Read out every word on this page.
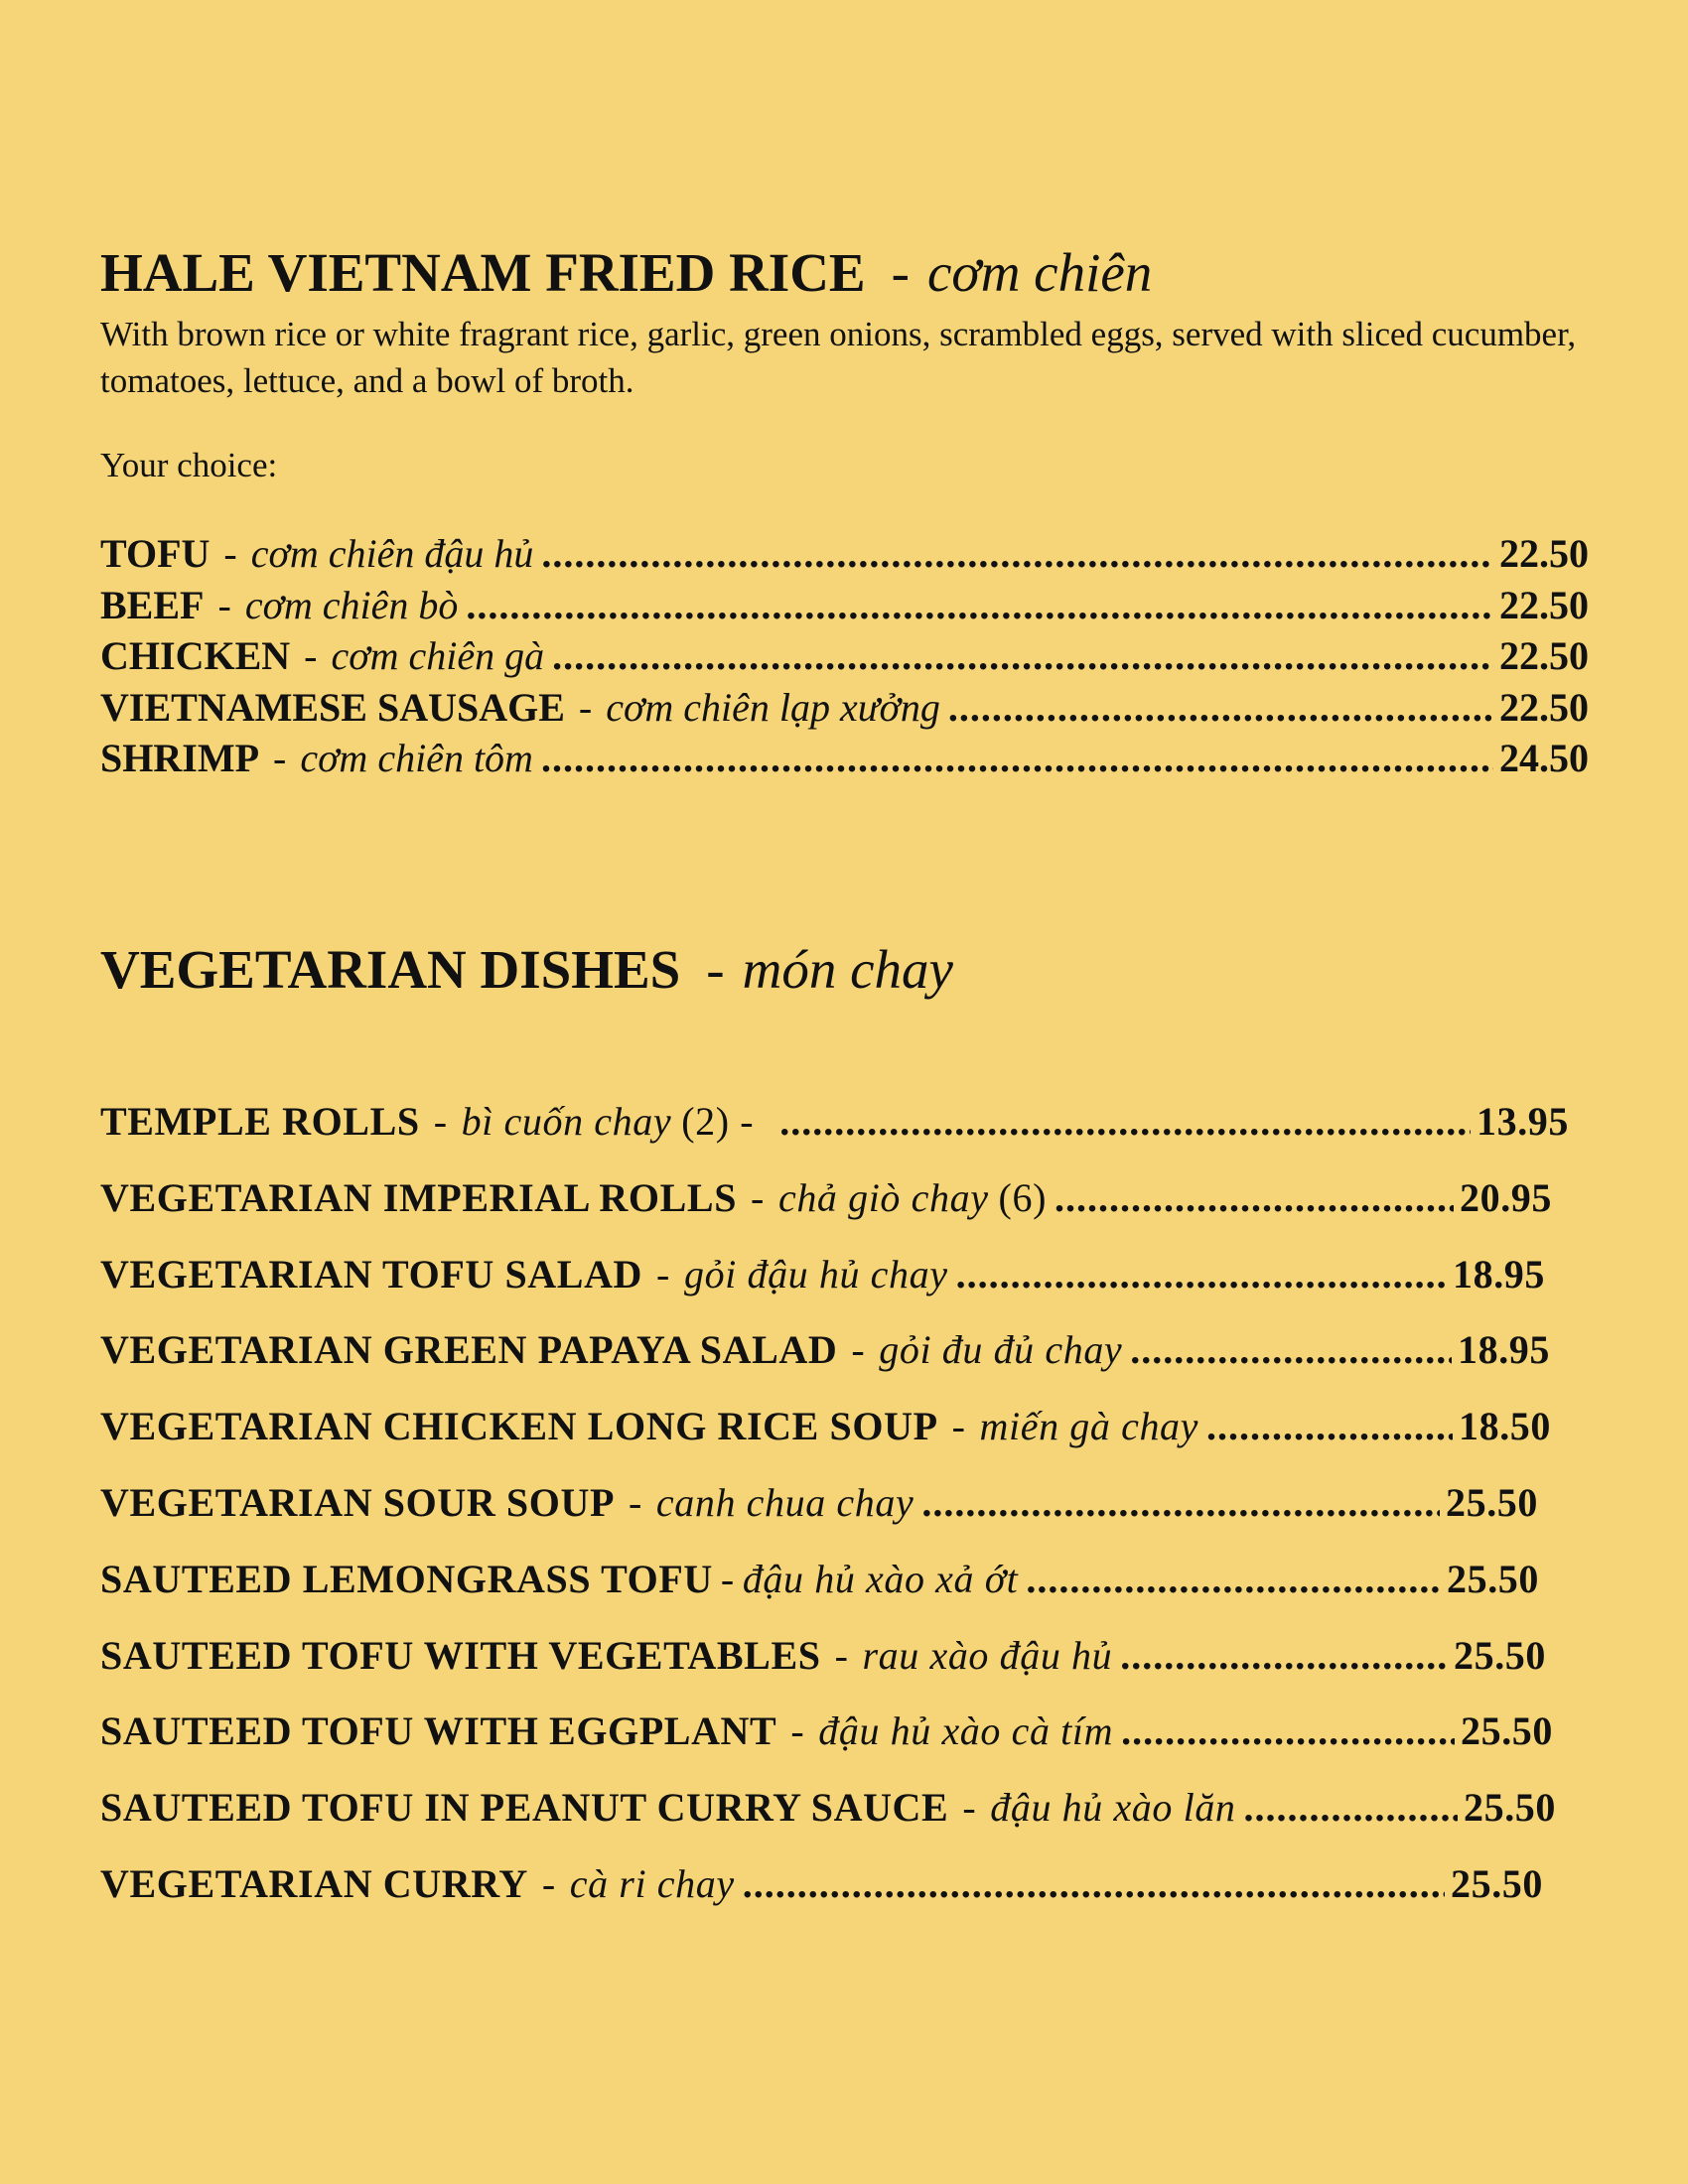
HALE VIETNAM FRIED RICE - cơm chiên

With brown rice or white fragrant rice, garlic, green onions, scrambled eggs, served with sliced cucumber, tomatoes, lettuce, and a bowl of broth.

Your choice:

TOFU - cơm chiên đậu hủ .....	22.50
BEEF - cơm chiên bò .....	22.50
CHICKEN - cơm chiên gà .....	22.50
VIETNAMESE SAUSAGE - cơm chiên lạp xưởng .....	22.50
SHRIMP - cơm chiên tôm .....	24.50
VEGETARIAN DISHES - món chay
TEMPLE ROLLS - bì cuốn chay (2) - .....	13.95
VEGETARIAN IMPERIAL ROLLS - chả giò chay (6) .....	20.95
VEGETARIAN TOFU SALAD - gỏi đậu hủ chay .....	18.95
VEGETARIAN GREEN PAPAYA SALAD - gỏi đu đủ chay .....	18.95
VEGETARIAN CHICKEN LONG RICE SOUP - miến gà chay .....	18.50
VEGETARIAN SOUR SOUP - canh chua chay .....	25.50
SAUTEED LEMONGRASS TOFU - đậu hủ xào xả ớt .....	25.50
SAUTEED TOFU WITH VEGETABLES - rau xào đậu hủ .....	25.50
SAUTEED TOFU WITH EGGPLANT - đậu hủ xào cà tím .....	25.50
SAUTEED TOFU IN PEANUT CURRY SAUCE - đậu hủ xào lăn .....	25.50
VEGETARIAN CURRY - cà ri chay .....	25.50
